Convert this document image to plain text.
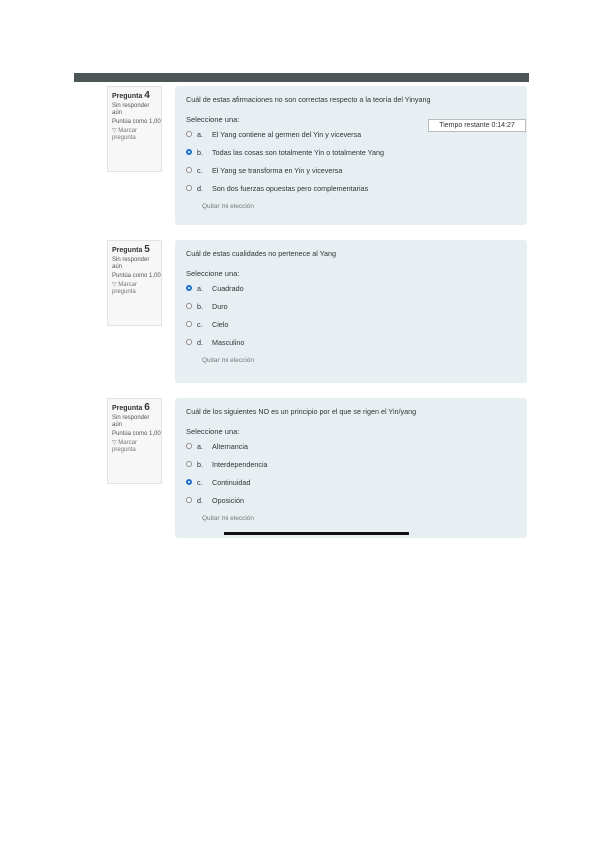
Pregunta 4
Sin responder aún
Puntúa como 1,00
▽ Marcar pregunta
Cuál de estas afirmaciones no son correctas respecto a la teoría del Yinyang
Seleccione una:
a.	El Yang contiene al germen del Yin y viceversa
b.	Todas las cosas son totalmente Yin o totalmente Yang
c.	El Yang se transforma en Yin y viceversa
d.	Son dos fuerzas opuestas pero complementarias
Quitar mi elección
Tiempo restante 0:14:27
Pregunta 5
Sin responder aún
Puntúa como 1,00
▽ Marcar pregunta
Cuál de estas cualidades no pertenece al Yang
Seleccione una:
a.	Cuadrado
b.	Duro
c.	Cielo
d.	Masculino
Quitar mi elección
Pregunta 6
Sin responder aún
Puntúa como 1,00
▽ Marcar pregunta
Cuál de los siguientes NO es un principio por el que se rigen el Yin/yang
Seleccione una:
a.	Alternancia
b.	Interdependencia
c.	Continuidad
d.	Oposición
Quitar mi elección
